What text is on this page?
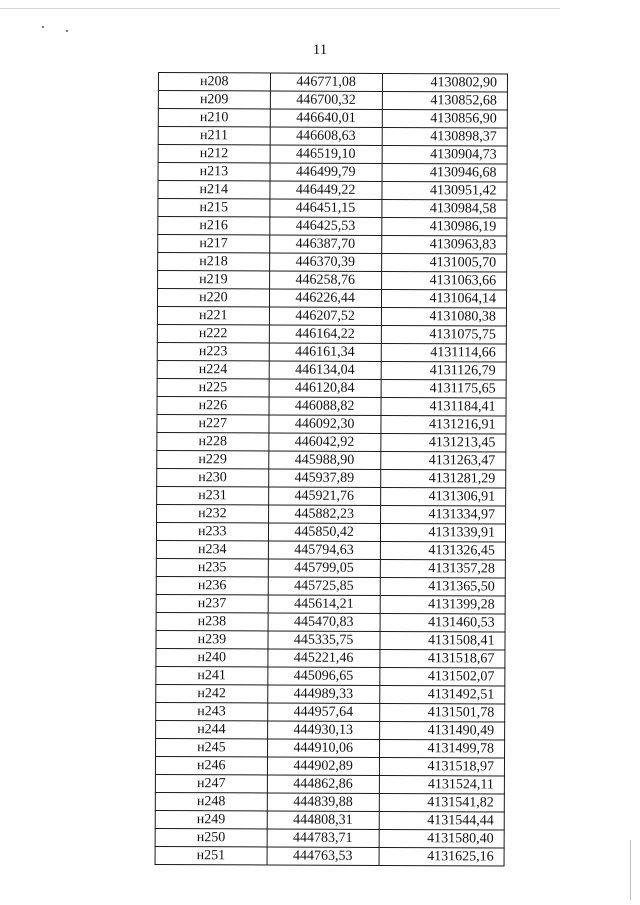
11
н208	446771,08	4130802,90
н209	446700,32	4130852,68
н210	446640,01	4130856,90
н211	446608,63	4130898,37
н212	446519,10	4130904,73
н213	446499,79	4130946,68
н214	446449,22	4130951,42
н215	446451,15	4130984,58
н216	446425,53	4130986,19
н217	446387,70	4130963,83
н218	446370,39	4131005,70
н219	446258,76	4131063,66
н220	446226,44	4131064,14
н221	446207,52	4131080,38
н222	446164,22	4131075,75
н223	446161,34	4131114,66
н224	446134,04	4131126,79
н225	446120,84	4131175,65
н226	446088,82	4131184,41
н227	446092,30	4131216,91
н228	446042,92	4131213,45
н229	445988,90	4131263,47
н230	445937,89	4131281,29
н231	445921,76	4131306,91
н232	445882,23	4131334,97
н233	445850,42	4131339,91
н234	445794,63	4131326,45
н235	445799,05	4131357,28
н236	445725,85	4131365,50
н237	445614,21	4131399,28
н238	445470,83	4131460,53
н239	445335,75	4131508,41
н240	445221,46	4131518,67
н241	445096,65	4131502,07
н242	444989,33	4131492,51
н243	444957,64	4131501,78
н244	444930,13	4131490,49
н245	444910,06	4131499,78
н246	444902,89	4131518,97
н247	444862,86	4131524,11
н248	444839,88	4131541,82
н249	444808,31	4131544,44
н250	444783,71	4131580,40
н251	444763,53	4131625,16
